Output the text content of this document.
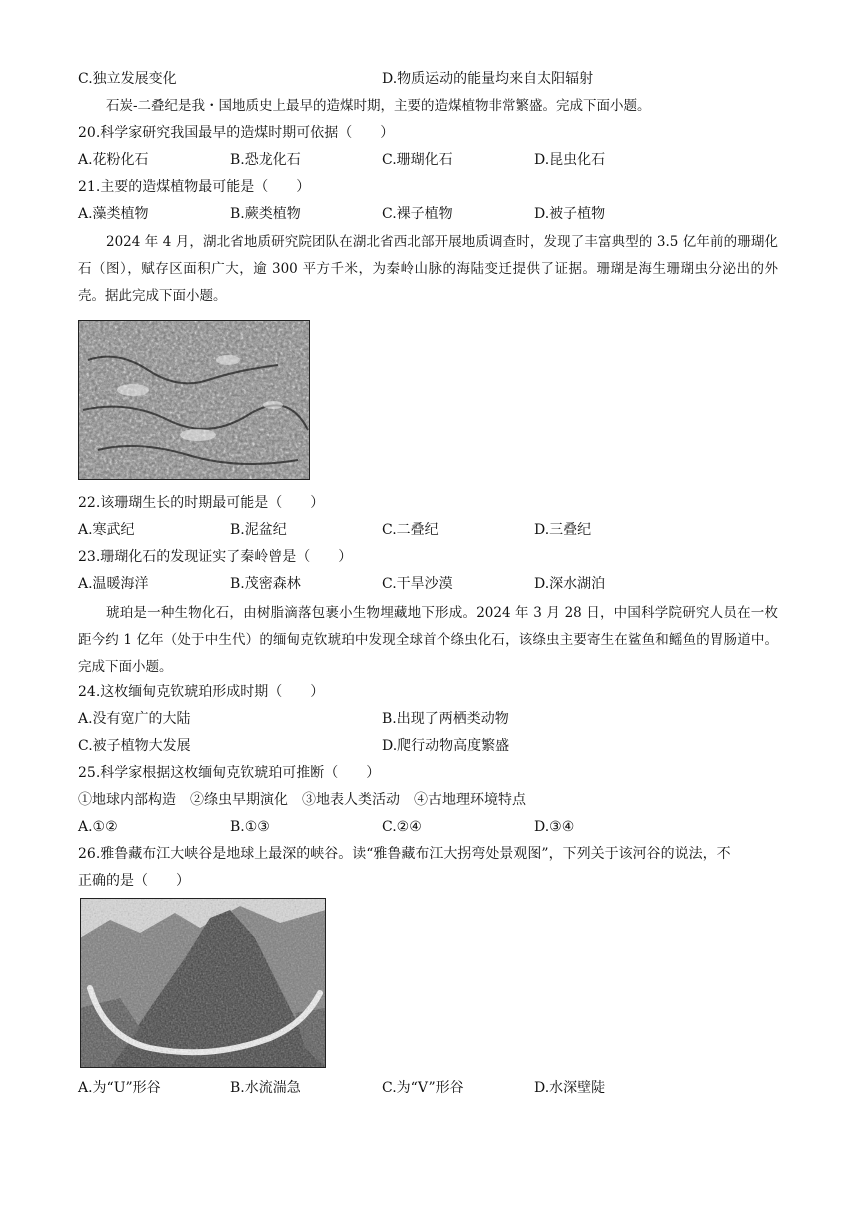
C.独立发展变化	D.物质运动的能量均来自太阳辐射
石炭-二叠纪是我・国地质史上最早的造煤时期，主要的造煤植物非常繁盛。完成下面小题。
20.科学家研究我国最早的造煤时期可依据（　　）
A.花粉化石	B.恐龙化石	C.珊瑚化石	D.昆虫化石
21.主要的造煤植物最可能是（　　）
A.藻类植物	B.蕨类植物	C.裸子植物	D.被子植物
2024 年 4 月，湖北省地质研究院团队在湖北省西北部开展地质调查时，发现了丰富典型的 3.5 亿年前的珊瑚化石（图），赋存区面积广大，逾 300 平方千米，为秦岭山脉的海陆变迁提供了证据。珊瑚是海生珊瑚虫分泌出的外壳。据此完成下面小题。
22.该珊瑚生长的时期最可能是（　　）
A.寒武纪	B.泥盆纪	C.二叠纪	D.三叠纪
23.珊瑚化石的发现证实了秦岭曾是（　　）
A.温暖海洋	B.茂密森林	C.干旱沙漠	D.深水湖泊
琥珀是一种生物化石，由树脂滴落包裹小生物埋藏地下形成。2024 年 3 月 28 日，中国科学院研究人员在一枚距今约 1 亿年（处于中生代）的缅甸克钦琥珀中发现全球首个绦虫化石，该绦虫主要寄生在鲨鱼和鳐鱼的胃肠道中。完成下面小题。
24.这枚缅甸克钦琥珀形成时期（　　）
A.没有宽广的大陆	B.出现了两栖类动物
C.被子植物大发展	D.爬行动物高度繁盛
25.科学家根据这枚缅甸克钦琥珀可推断（　　）
①地球内部构造　②绦虫早期演化　③地表人类活动　④古地理环境特点
A.①②	B.①③	C.②④	D.③④
26.雅鲁藏布江大峡谷是地球上最深的峡谷。读“雅鲁藏布江大拐弯处景观图”，下列关于该河谷的说法，不
正确的是（　　）
A.为“U”形谷	B.水流湍急	C.为“V”形谷	D.水深壁陡
